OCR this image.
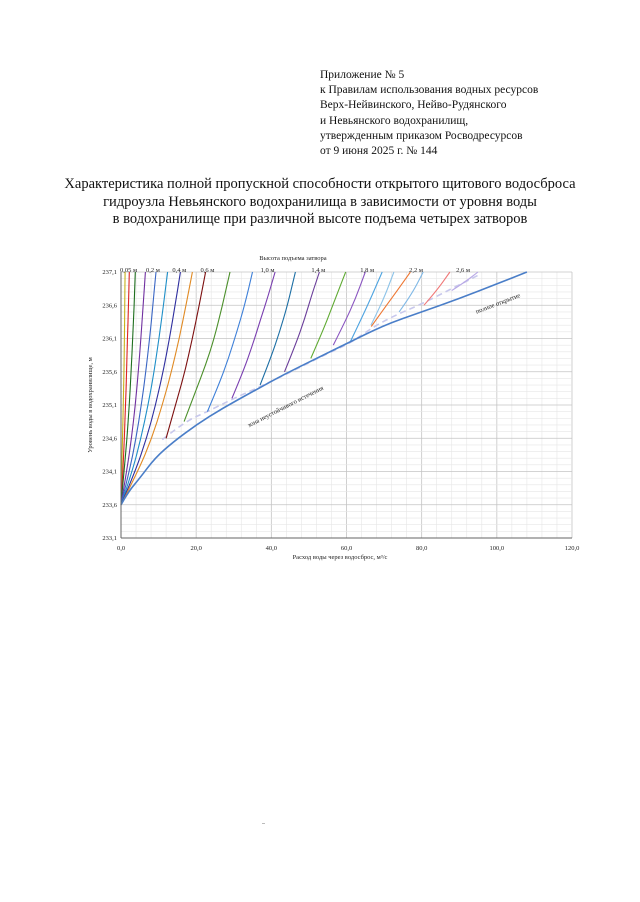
Приложение № 5
к Правилам использования водных ресурсов
Верх-Нейвинского, Нейво-Рудянского
и Невьянского водохранилищ,
утвержденным приказом Росводресурсов
от 9 июня 2025 г. № 144
Характеристика полной пропускной способности открытого щитового водосброса
гидроузла Невьянского водохранилища в зависимости от уровня воды
в водохранилище при различной высоте подъема четырех затворов
0,0	20,0	40,0	60,0	80,0	100,0	120,0
233,1
233,6
234,1
234,6
235,1
235,6
236,1
236,6
237,1
Высота подъема затвора
0,05 м 0,2 м 0,4 м 0,6 м	1,0 м	1,4 м	1,8 м	2,2 м	2,6 м
Расход воды через водосброс, м³/с
Уровень воды в водохранилище, м
полное открытие
зона неустойчивого истечения
